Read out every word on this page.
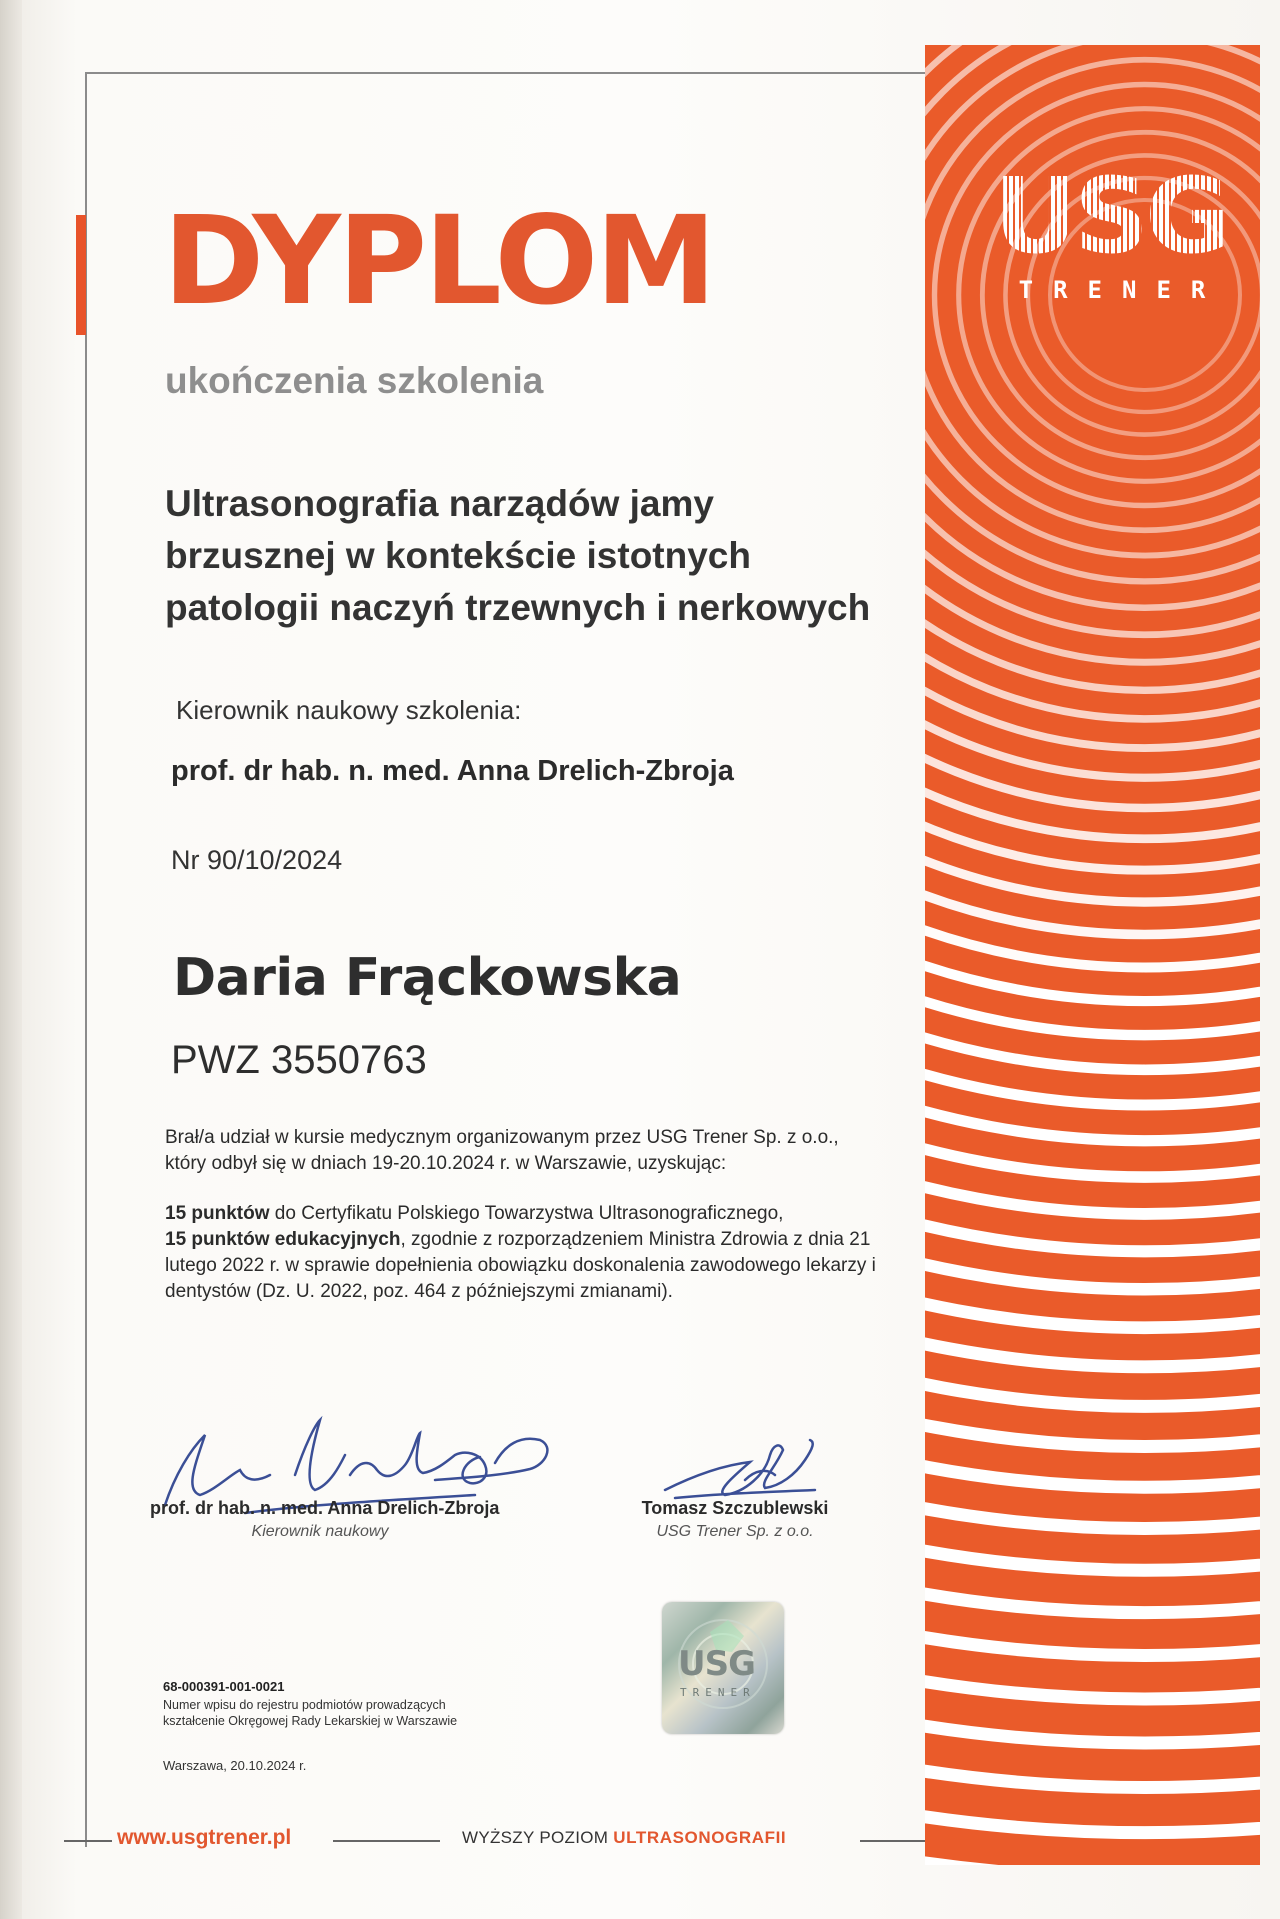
USG
TRENER
DYPLOM
ukończenia szkolenia
Ultrasonografia narządów jamy
brzusznej w kontekście istotnych
patologii naczyń trzewnych i nerkowych
Kierownik naukowy szkolenia:
prof. dr hab. n. med. Anna Drelich-Zbroja
Nr 90/10/2024
Daria Frąckowska
PWZ 3550763
Brał/a udział w kursie medycznym organizowanym przez USG Trener Sp. z o.o.,
który odbył się w dniach 19-20.10.2024 r. w Warszawie, uzyskując:
15 punktów do Certyfikatu Polskiego Towarzystwa Ultrasonograficznego,
15 punktów edukacyjnych, zgodnie z rozporządzeniem Ministra Zdrowia z dnia 21
lutego 2022 r. w sprawie dopełnienia obowiązku doskonalenia zawodowego lekarzy i
dentystów (Dz. U. 2022, poz. 464 z późniejszymi zmianami).
prof. dr hab. n. med. Anna Drelich-Zbroja
Kierownik naukowy
Tomasz Szczublewski
USG Trener Sp. z o.o.
USG
TRENER
68-000391-001-0021
Numer wpisu do rejestru podmiotów prowadzących
kształcenie Okręgowej Rady Lekarskiej w Warszawie
Warszawa, 20.10.2024 r.
www.usgtrener.pl	WYŻSZY POZIOM ULTRASONOGRAFII
